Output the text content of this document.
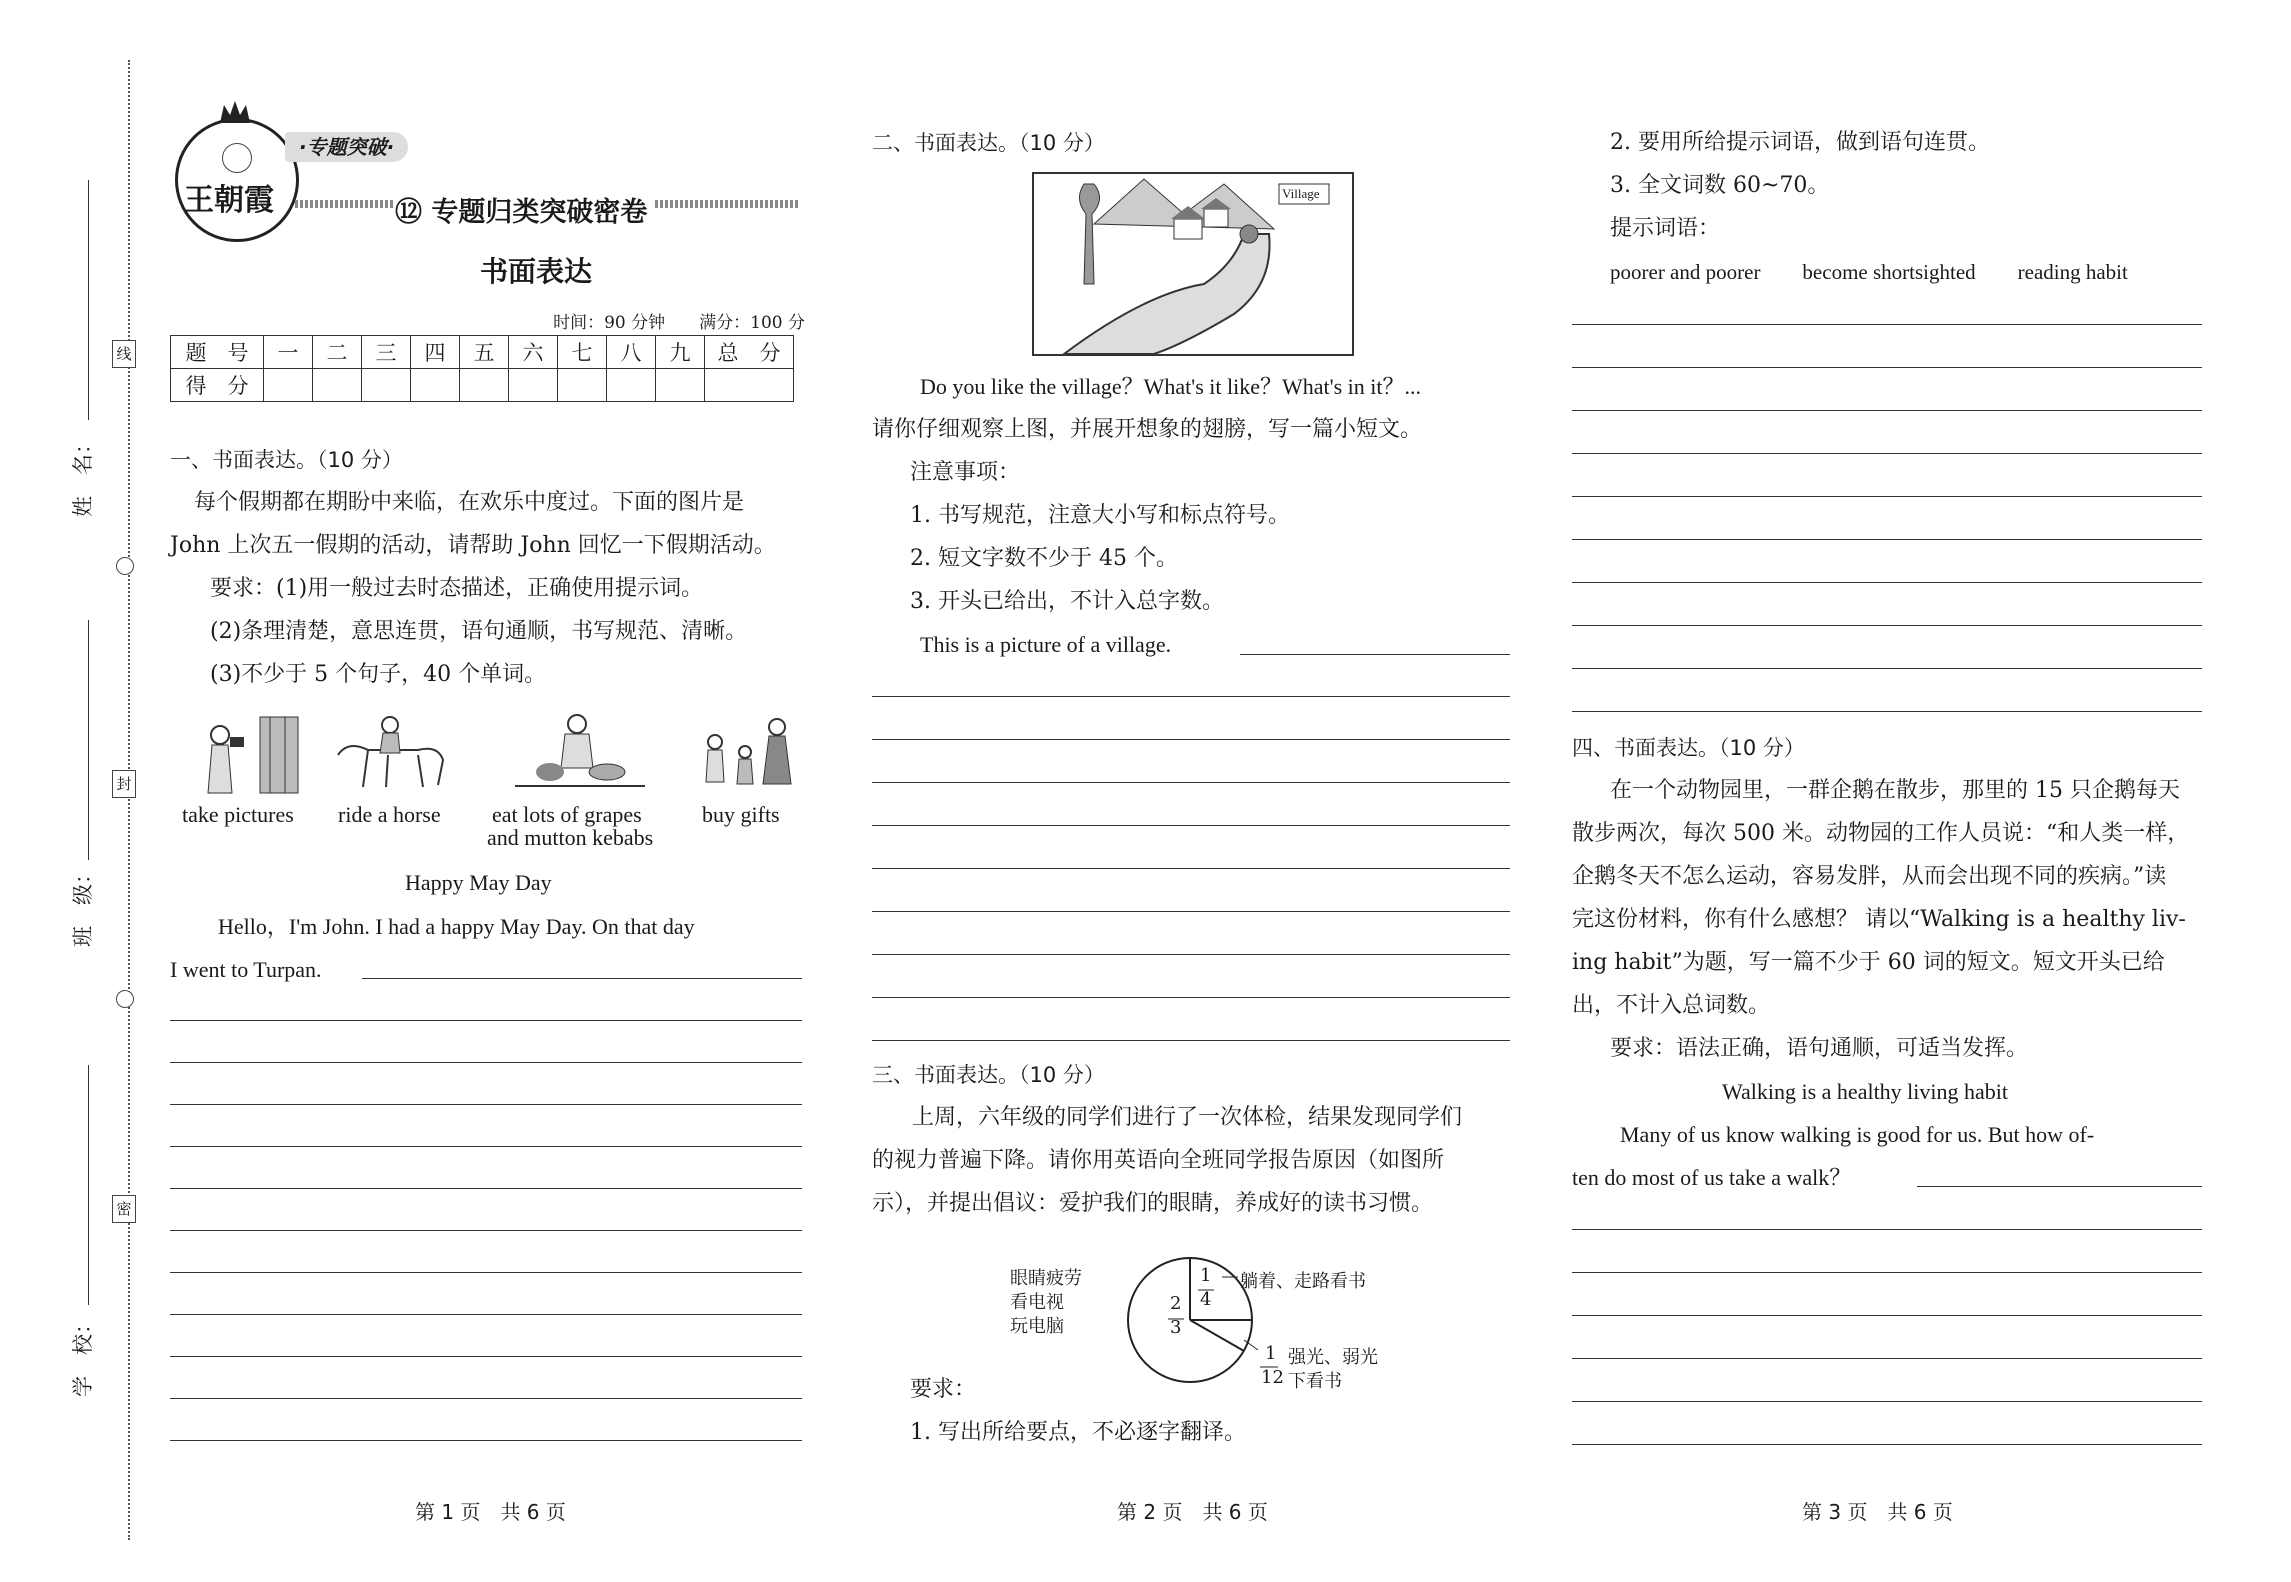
线
封
密
姓　名：
班　级：
学　校：
王朝霞
·专题突破·
⑫ 专题归类突破密卷
书面表达
时间：90 分钟　　满分：100 分
题　号	一	二	三	四	五	六	七	八	九	总　分
得　分										
一、书面表达。（10 分）
每个假期都在期盼中来临，在欢乐中度过。下面的图片是
John 上次五一假期的活动，请帮助 John 回忆一下假期活动。
要求：(1)用一般过去时态描述，正确使用提示词。
(2)条理清楚，意思连贯，语句通顺，书写规范、清晰。
(3)不少于 5 个句子，40 个单词。
take pictures ride a horse eat lots of grapes
and mutton kebabs
buy gifts
Happy May Day
Hello，I'm John. I had a happy May Day. On that day
I went to Turpan.
第 1 页　共 6 页
二、书面表达。（10 分）
Village
Do you like the village？What's it like？What's in it？...
请你仔细观察上图，并展开想象的翅膀，写一篇小短文。
注意事项：
1. 书写规范，注意大小写和标点符号。
2. 短文字数不少于 45 个。
3. 开头已给出，不计入总字数。
This is a picture of a village.
三、书面表达。（10 分）
上周，六年级的同学们进行了一次体检，结果发现同学们
的视力普遍下降。请你用英语向全班同学报告原因（如图所
示），并提出倡议：爱护我们的眼睛，养成好的读书习惯。
眼睛疲劳
看电视
玩电脑
2
3
1
4
躺着、走路看书
1
12
强光、弱光
下看书
要求：
1. 写出所给要点，不必逐字翻译。
第 2 页　共 6 页
2. 要用所给提示词语，做到语句连贯。
3. 全文词数 60~70。
提示词语：
poorer and poorer　　become shortsighted　　reading habit
四、书面表达。（10 分）
在一个动物园里，一群企鹅在散步，那里的 15 只企鹅每天
散步两次，每次 500 米。动物园的工作人员说：“和人类一样，
企鹅冬天不怎么运动，容易发胖，从而会出现不同的疾病。”读
完这份材料，你有什么感想？ 请以“Walking is a healthy liv-
ing habit”为题，写一篇不少于 60 词的短文。短文开头已给
出，不计入总词数。
要求：语法正确，语句通顺，可适当发挥。
Walking is a healthy living habit
Many of us know walking is good for us. But how of-
ten do most of us take a walk？
第 3 页　共 6 页
